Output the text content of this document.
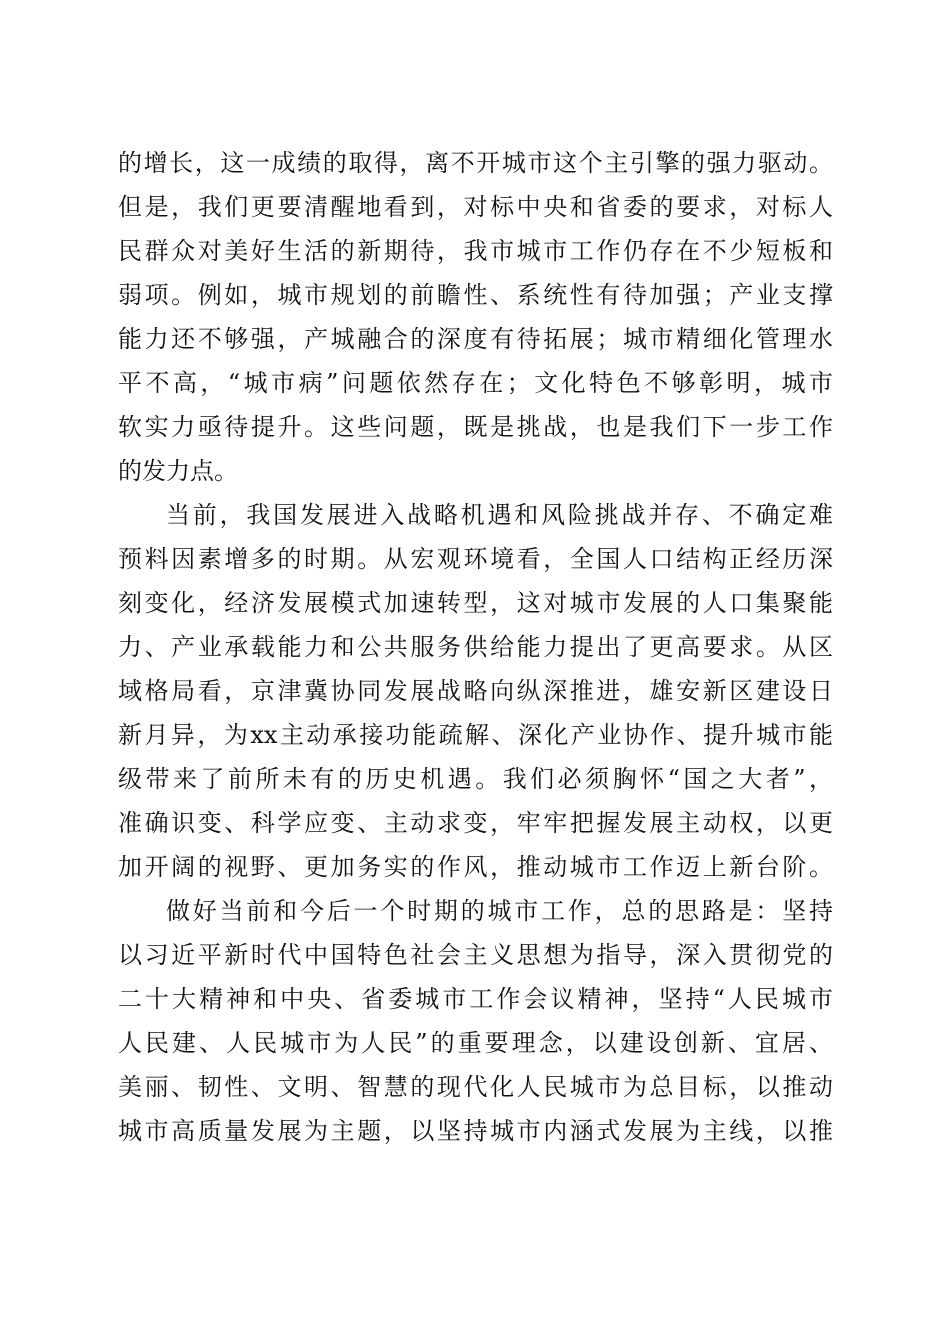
的增长，这一成绩的取得，离不开城市这个主引擎的强力驱动。
但是，我们更要清醒地看到，对标中央和省委的要求，对标人
民群众对美好生活的新期待，我市城市工作仍存在不少短板和
弱项。例如，城市规划的前瞻性、系统性有待加强；产业支撑
能力还不够强，产城融合的深度有待拓展；城市精细化管理水
平不高，“城市病”问题依然存在；文化特色不够彰明，城市
软实力亟待提升。这些问题，既是挑战，也是我们下一步工作
的发力点。
当前，我国发展进入战略机遇和风险挑战并存、不确定难
预料因素增多的时期。从宏观环境看，全国人口结构正经历深
刻变化，经济发展模式加速转型，这对城市发展的人口集聚能
力、产业承载能力和公共服务供给能力提出了更高要求。从区
域格局看，京津冀协同发展战略向纵深推进，雄安新区建设日
新月异，为xx主动承接功能疏解、深化产业协作、提升城市能
级带来了前所未有的历史机遇。我们必须胸怀“国之大者”，
准确识变、科学应变、主动求变，牢牢把握发展主动权，以更
加开阔的视野、更加务实的作风，推动城市工作迈上新台阶。
做好当前和今后一个时期的城市工作，总的思路是：坚持
以习近平新时代中国特色社会主义思想为指导，深入贯彻党的
二十大精神和中央、省委城市工作会议精神，坚持“人民城市
人民建、人民城市为人民”的重要理念，以建设创新、宜居、
美丽、韧性、文明、智慧的现代化人民城市为总目标，以推动
城市高质量发展为主题，以坚持城市内涵式发展为主线，以推
